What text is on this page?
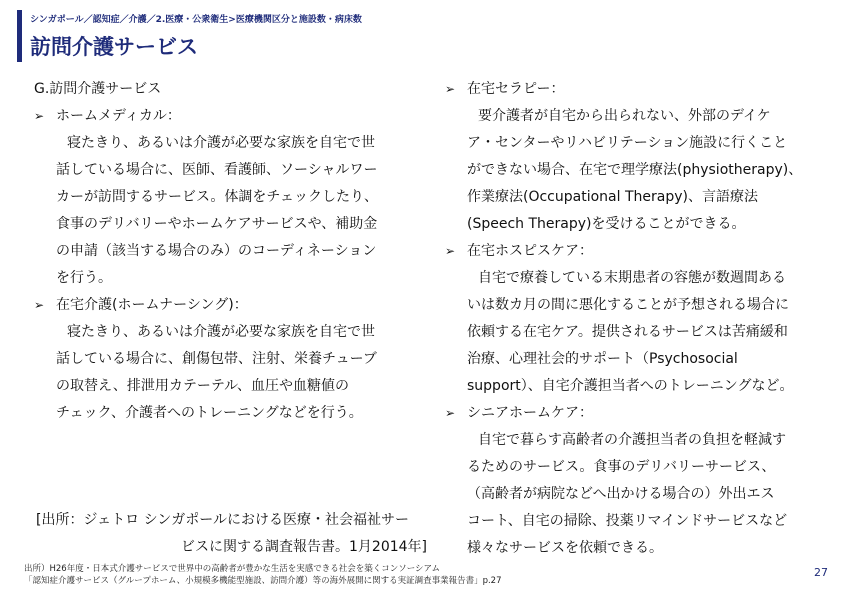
シンガポール／認知症／介護／2.医療・公衆衛生>医療機関区分と施設数・病床数
訪問介護サービス
G.訪問介護サービス
➢ ホームメディカル：
寝たきり、あるいは介護が必要な家族を自宅で世
話している場合に、医師、看護師、ソーシャルワー
カーが訪問するサービス。体調をチェックしたり、
食事のデリバリーやホームケアサービスや、補助金
の申請（該当する場合のみ）のコーディネーション
を行う。
➢ 在宅介護(ホームナーシング)：
寝たきり、あるいは介護が必要な家族を自宅で世
話している場合に、創傷包帯、注射、栄養チューブ
の取替え、排泄用カテーテル、血圧や血糖値の
チェック、介護者へのトレーニングなどを行う。
➢ 在宅セラピー：
要介護者が自宅から出られない、外部のデイケ
ア・センターやリハビリテーション施設に行くこと
ができない場合、在宅で理学療法(physiotherapy)、
作業療法(Occupational Therapy)、言語療法
(Speech Therapy)を受けることができる。
➢ 在宅ホスピスケア：
自宅で療養している末期患者の容態が数週間ある
いは数カ月の間に悪化することが予想される場合に
依頼する在宅ケア。提供されるサービスは苦痛緩和
治療、心理社会的サポート（Psychosocial
support）、自宅介護担当者へのトレーニングなど。
➢ シニアホームケア：
自宅で暮らす高齢者の介護担当者の負担を軽減す
るためのサービス。食事のデリバリーサービス、
（高齢者が病院などへ出かける場合の）外出エス
コート、自宅の掃除、投薬リマインドサービスなど
様々なサービスを依頼できる。
[出所：ジェトロ シンガポールにおける医療・社会福祉サー
ビスに関する調査報告書。1月2014年]
出所）H26年度・日本式介護サービスで世界中の高齢者が豊かな生活を実感できる社会を築くコンソーシアム
「認知症介護サービス（グループホーム、小規模多機能型施設、訪問介護）等の海外展開に関する実証調査事業報告書」p.27
27
